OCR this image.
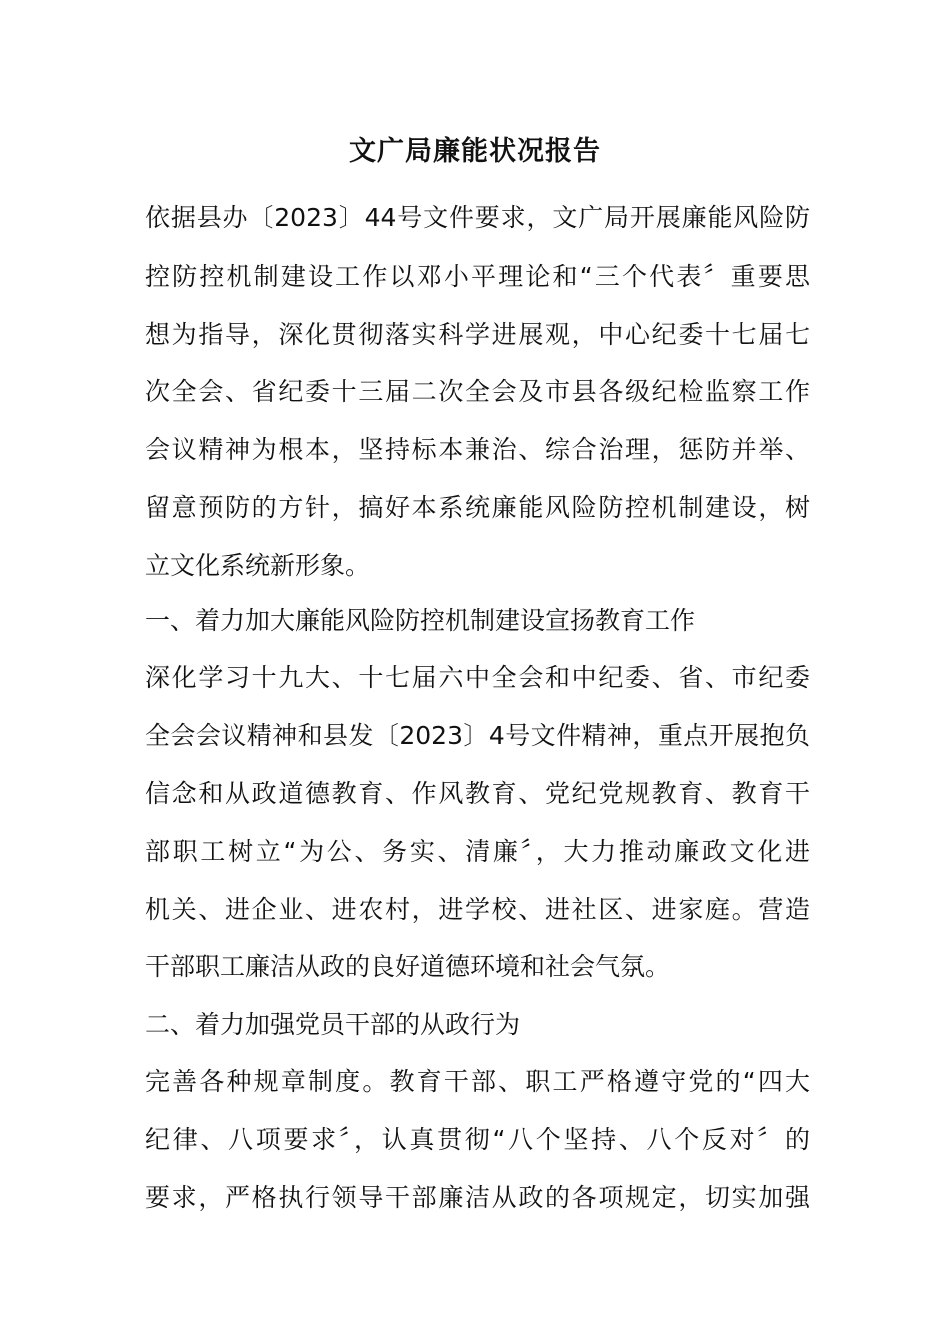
文广局廉能状况报告
依据县办〔2023〕44号文件要求，文广局开展廉能风险防
控防控机制建设工作以邓小平理论和“三个代表〞重要思
想为指导，深化贯彻落实科学进展观，中心纪委十七届七
次全会、省纪委十三届二次全会及市县各级纪检监察工作
会议精神为根本，坚持标本兼治、综合治理，惩防并举、
留意预防的方针，搞好本系统廉能风险防控机制建设，树
立文化系统新形象。
一、着力加大廉能风险防控机制建设宣扬教育工作
深化学习十九大、十七届六中全会和中纪委、省、市纪委
全会会议精神和县发〔2023〕4号文件精神，重点开展抱负
信念和从政道德教育、作风教育、党纪党规教育、教育干
部职工树立“为公、务实、清廉〞，大力推动廉政文化进
机关、进企业、进农村，进学校、进社区、进家庭。营造
干部职工廉洁从政的良好道德环境和社会气氛。
二、着力加强党员干部的从政行为
完善各种规章制度。教育干部、职工严格遵守党的“四大
纪律、八项要求〞，认真贯彻“八个坚持、八个反对〞的
要求，严格执行领导干部廉洁从政的各项规定，切实加强
